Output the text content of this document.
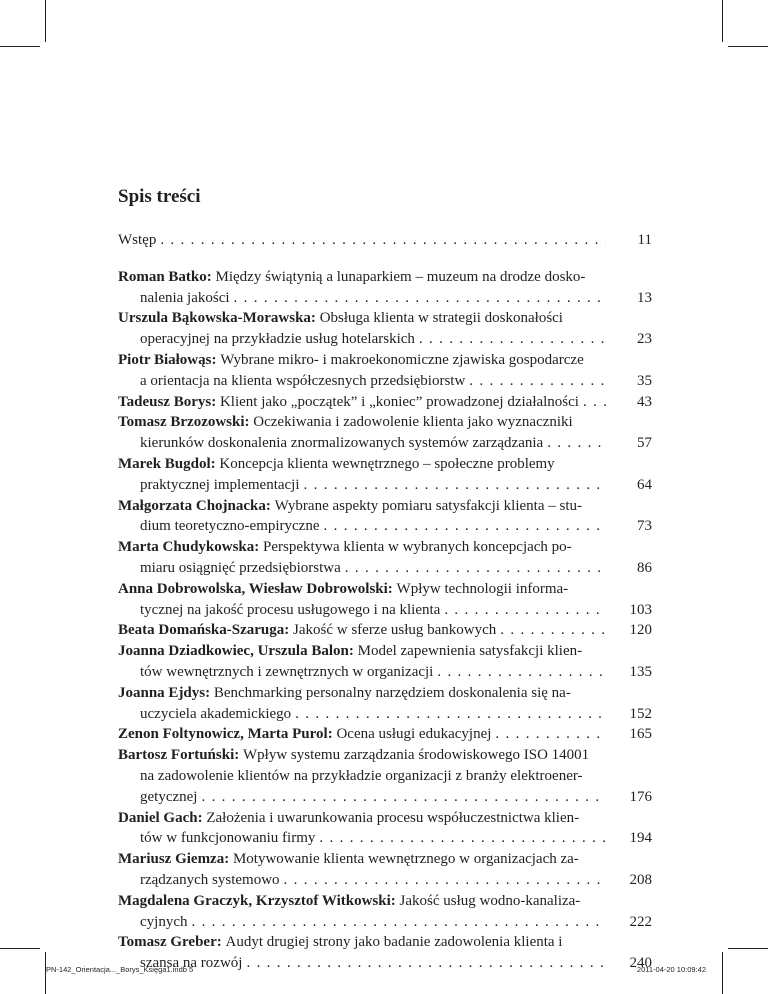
Spis treści
Wstęp . . .	11
Roman Batko:
Między świątynią a lunaparkiem – muzeum na drodze dosko-
nalenia jakości . . .	13
Urszula Bąkowska-Morawska:
Obsługa klienta w strategii doskonałości
operacyjnej na przykładzie usług hotelarskich . . .	23
Piotr Białowąs:
Wybrane mikro- i makroekonomiczne zjawiska gospodarcze
a orientacja na klienta współczesnych przedsiębiorstw . . .	35
Tadeusz Borys:
Klient jako „początek” i „koniec” prowadzonej działalności . . .	43
Tomasz Brzozowski:
Oczekiwania i zadowolenie klienta jako wyznaczniki
kierunków doskonalenia znormalizowanych systemów zarządzania . . .	57
Marek Bugdol:
Koncepcja klienta wewnętrznego – społeczne problemy
praktycznej implementacji . . .	64
Małgorzata Chojnacka:
Wybrane aspekty pomiaru satysfakcji klienta – stu-
dium teoretyczno-empiryczne . . .	73
Marta Chudykowska:
Perspektywa klienta w wybranych koncepcjach po-
miaru osiągnięć przedsiębiorstwa . . .	86
Anna Dobrowolska, Wiesław Dobrowolski:
Wpływ technologii informa-
tycznej na jakość procesu usługowego i na klienta . . .	103
Beata Domańska-Szaruga:
Jakość w sferze usług bankowych . . .	120
Joanna Dziadkowiec, Urszula Balon:
Model zapewnienia satysfakcji klien-
tów wewnętrznych i zewnętrznych w organizacji . . .	135
Joanna Ejdys:
Benchmarking personalny narzędziem doskonalenia się na-
uczyciela akademickiego . . .	152
Zenon Foltynowicz, Marta Purol:
Ocena usługi edukacyjnej . . .	165
Bartosz Fortuński:
Wpływ systemu zarządzania środowiskowego ISO 14001
na zadowolenie klientów na przykładzie organizacji z branży elektroener-
getycznej . . .	176
Daniel Gach:
Założenia i uwarunkowania procesu współuczestnictwa klien-
tów w funkcjonowaniu firmy . . .	194
Mariusz Giemza:
Motywowanie klienta wewnętrznego w organizacjach za-
rządzanych systemowo . . .	208
Magdalena Graczyk, Krzysztof Witkowski:
Jakość usług wodno-kanaliza-
cyjnych . . .	222
Tomasz Greber:
Audyt drugiej strony jako badanie zadowolenia klienta i
szansa na rozwój . . .	240
PN-142_Orientacja..._Borys_Księga1.indb 5	2011-04-20 10:09:42
